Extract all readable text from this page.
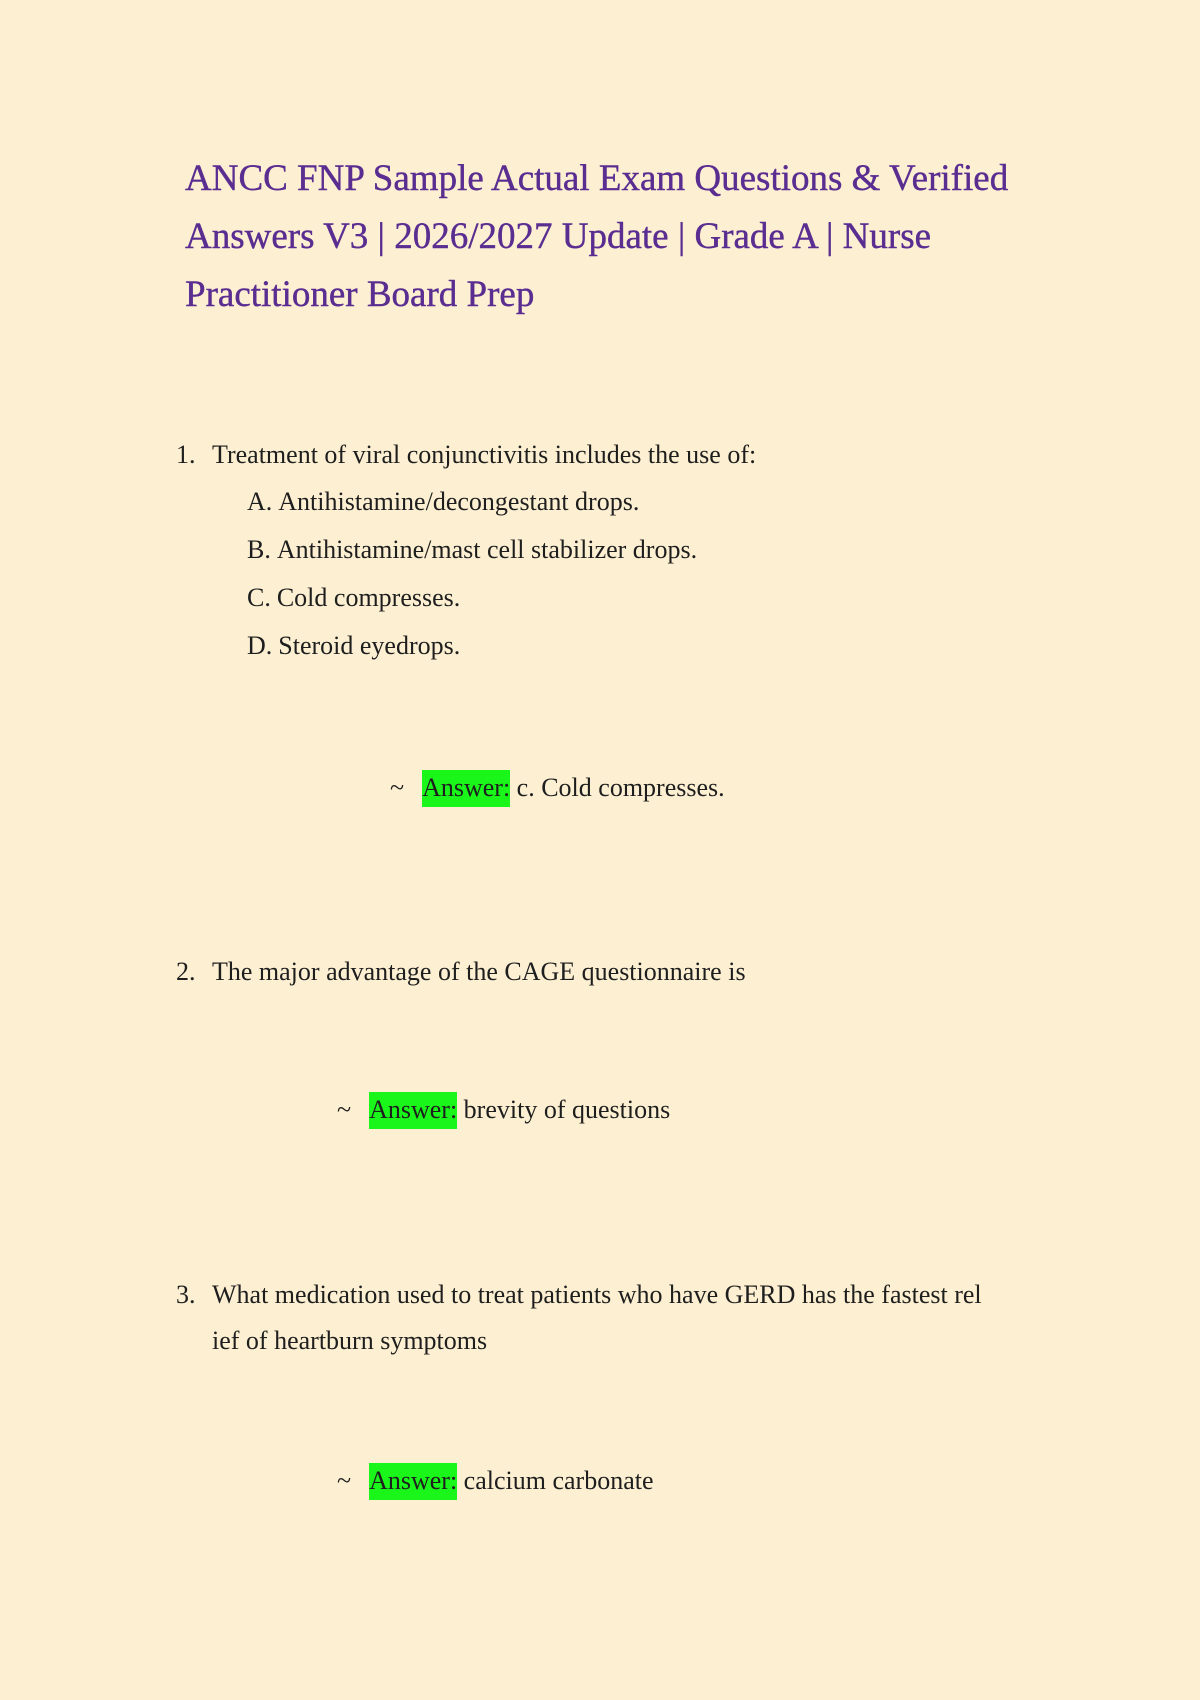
ANCC FNP Sample Actual Exam Questions & Verified Answers V3 | 2026/2027 Update | Grade A | Nurse Practitioner Board Prep
1. Treatment of viral conjunctivitis includes the use of:
A. Antihistamine/decongestant drops.
B. Antihistamine/mast cell stabilizer drops.
C. Cold compresses.
D. Steroid eyedrops.
~ Answer: c. Cold compresses.
2. The major advantage of the CAGE questionnaire is
~ Answer: brevity of questions
3. What medication used to treat patients who have GERD has the fastest rel
ief of heartburn symptoms
~ Answer: calcium carbonate
